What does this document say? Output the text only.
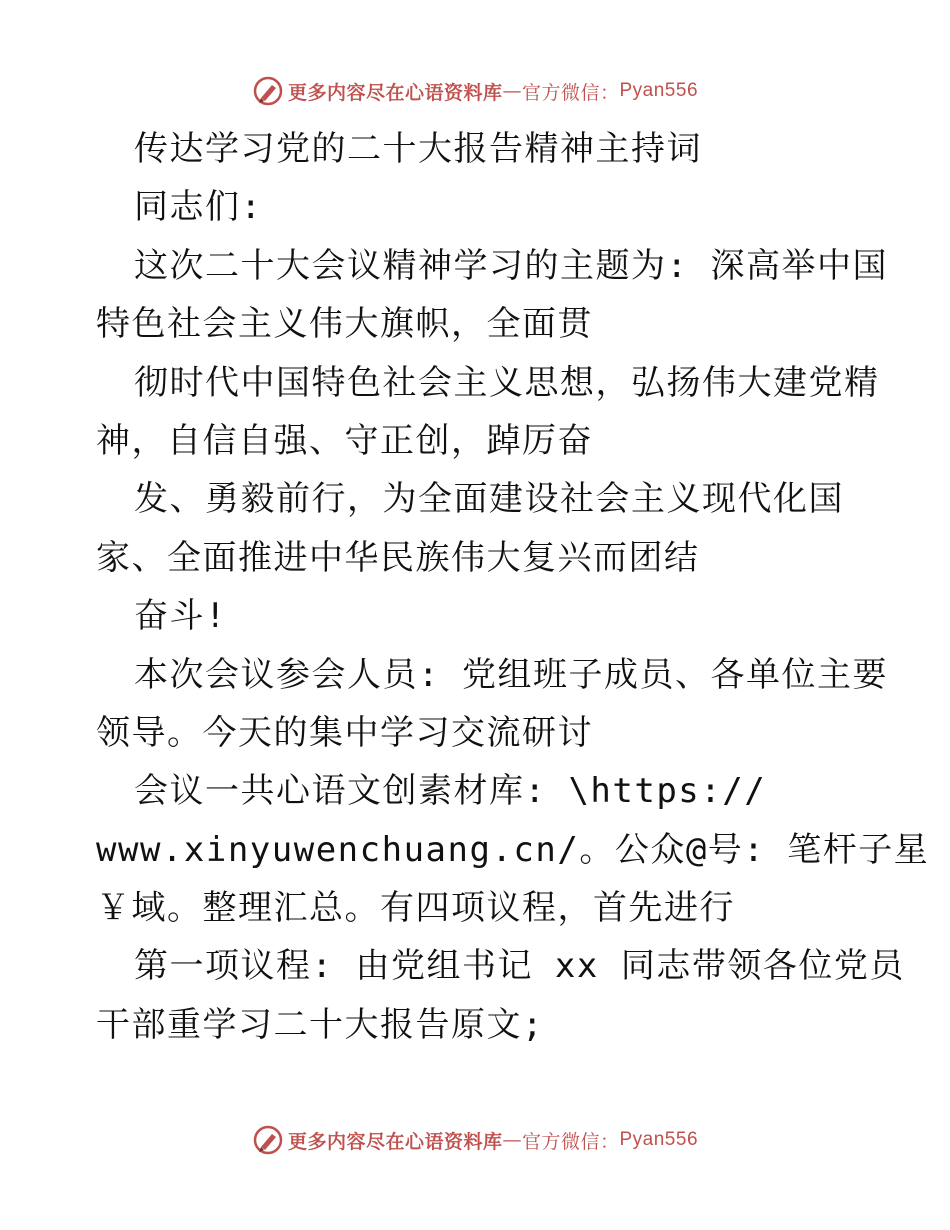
更多内容尽在心语资料库 — 官方微信： Pyan556
传达学习党的二十大报告精神主持词
同志们:
这次二十大会议精神学习的主题为: 深高举中国
特色社会主义伟大旗帜，全面贯
彻时代中国特色社会主义思想，弘扬伟大建党精
神，自信自强、守正创，踔厉奋
发、勇毅前行，为全面建设社会主义现代化国
家、全面推进中华民族伟大复兴而团结
奋斗!
本次会议参会人员: 党组班子成员、各单位主要
领导。今天的集中学习交流研讨
会议一共心语文创素材库: \https://
www.xinyuwenchuang.cn/。公众@号: 笔杆子星
￥域。整理汇总。有四项议程，首先进行
第一项议程: 由党组书记 xx 同志带领各位党员
干部重学习二十大报告原文;
更多内容尽在心语资料库 — 官方微信： Pyan556
